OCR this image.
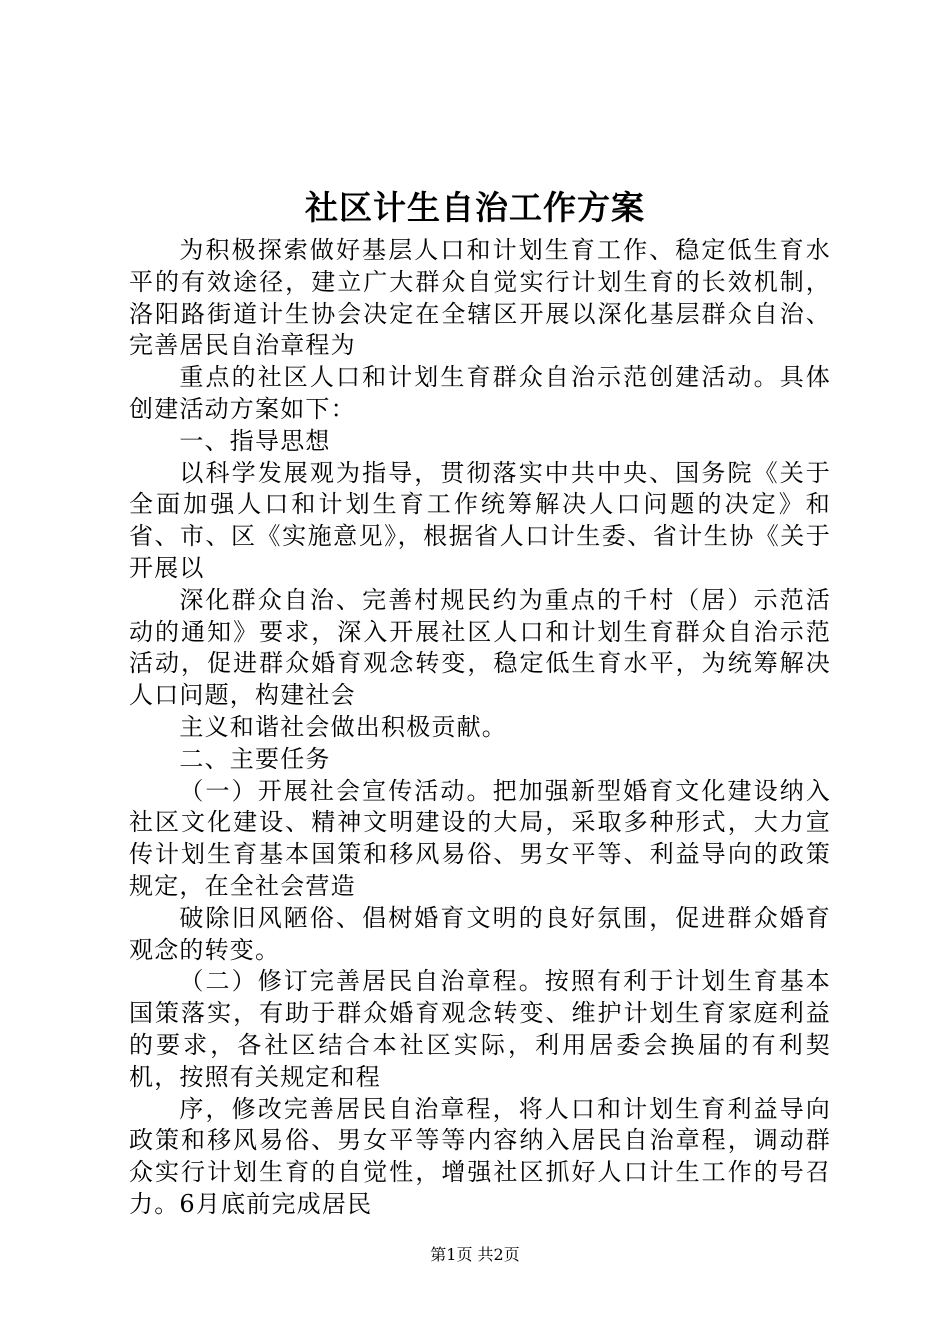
社区计生自治工作方案

为积极探索做好基层人口和计划生育工作、稳定低生育水平的有效途径，建立广大群众自觉实行计划生育的长效机制，洛阳路街道计生协会决定在全辖区开展以深化基层群众自治、完善居民自治章程为

重点的社区人口和计划生育群众自治示范创建活动。具体创建活动方案如下：

一、指导思想

以科学发展观为指导，贯彻落实中共中央、国务院《关于全面加强人口和计划生育工作统筹解决人口问题的决定》和省、市、区《实施意见》，根据省人口计生委、省计生协《关于开展以

深化群众自治、完善村规民约为重点的千村（居）示范活动的通知》要求，深入开展社区人口和计划生育群众自治示范活动，促进群众婚育观念转变，稳定低生育水平，为统筹解决人口问题，构建社会

主义和谐社会做出积极贡献。

二、主要任务

（一）开展社会宣传活动。把加强新型婚育文化建设纳入社区文化建设、精神文明建设的大局，采取多种形式，大力宣传计划生育基本国策和移风易俗、男女平等、利益导向的政策规定，在全社会营造

破除旧风陋俗、倡树婚育文明的良好氛围，促进群众婚育观念的转变。

（二）修订完善居民自治章程。按照有利于计划生育基本国策落实，有助于群众婚育观念转变、维护计划生育家庭利益的要求，各社区结合本社区实际，利用居委会换届的有利契机，按照有关规定和程

序，修改完善居民自治章程，将人口和计划生育利益导向政策和移风易俗、男女平等等内容纳入居民自治章程，调动群众实行计划生育的自觉性，增强社区抓好人口计生工作的号召力。6月底前完成居民

第1页 共2页
